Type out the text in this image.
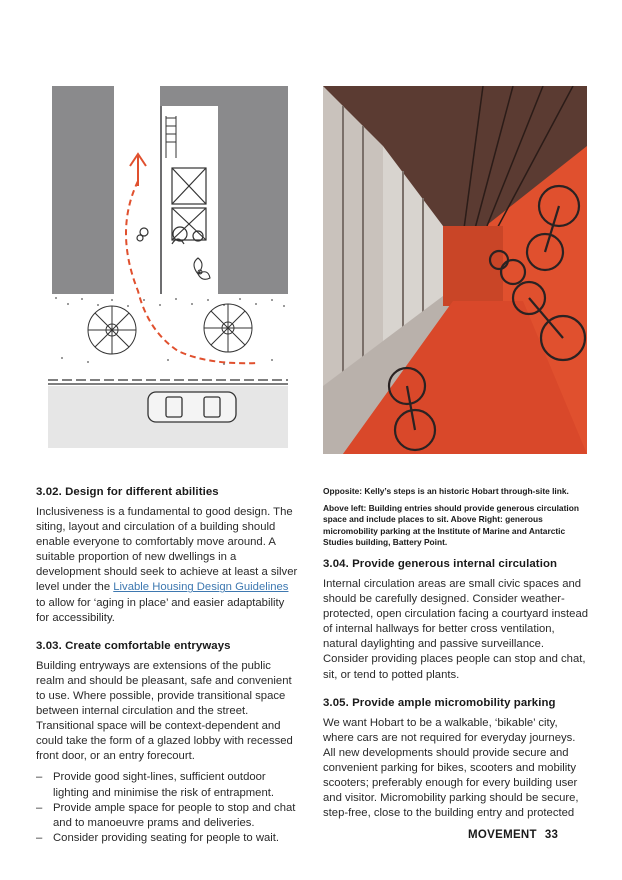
3.02. Design for different abilities

Inclusiveness is a fundamental to good design. The siting, layout and circulation of a building should enable everyone to comfortably move around. A suitable proportion of new dwellings in a development should seek to achieve at least a silver level under the Livable Housing Design Guidelines to allow for ‘aging in place’ and easier adaptability for accessibility.

3.03. Create comfortable entryways

Building entryways are extensions of the public realm and should be pleasant, safe and convenient to use. Where possible, provide transitional space between internal circulation and the street. Transitional space will be context-dependent and could take the form of a glazed lobby with recessed front door, or an entry forecourt.

– Provide good sight-lines, sufficient outdoor lighting and minimise the risk of entrapment.
– Provide ample space for people to stop and chat and to manoeuvre prams and deliveries.
– Consider providing seating for people to wait.

Opposite: Kelly’s steps is an historic Hobart through-site link.

Above left: Building entries should provide generous circulation space and include places to sit. Above Right: generous micromobility parking at the Institute of Marine and Antarctic Studies building, Battery Point.

3.04. Provide generous internal circulation

Internal circulation areas are small civic spaces and should be carefully designed. Consider weather-protected, open circulation facing a courtyard instead of internal hallways for better cross ventilation, natural daylighting and passive surveillance. Consider providing places people can stop and chat, sit, or tend to potted plants.

3.05. Provide ample micromobility parking

We want Hobart to be a walkable, ‘bikable’ city, where cars are not required for everyday journeys. All new developments should provide secure and convenient parking for bikes, scooters and mobility scooters; preferably enough for every building user and visitor. Micromobility parking should be secure, step-free, close to the building entry and protected

MOVEMENT 33
